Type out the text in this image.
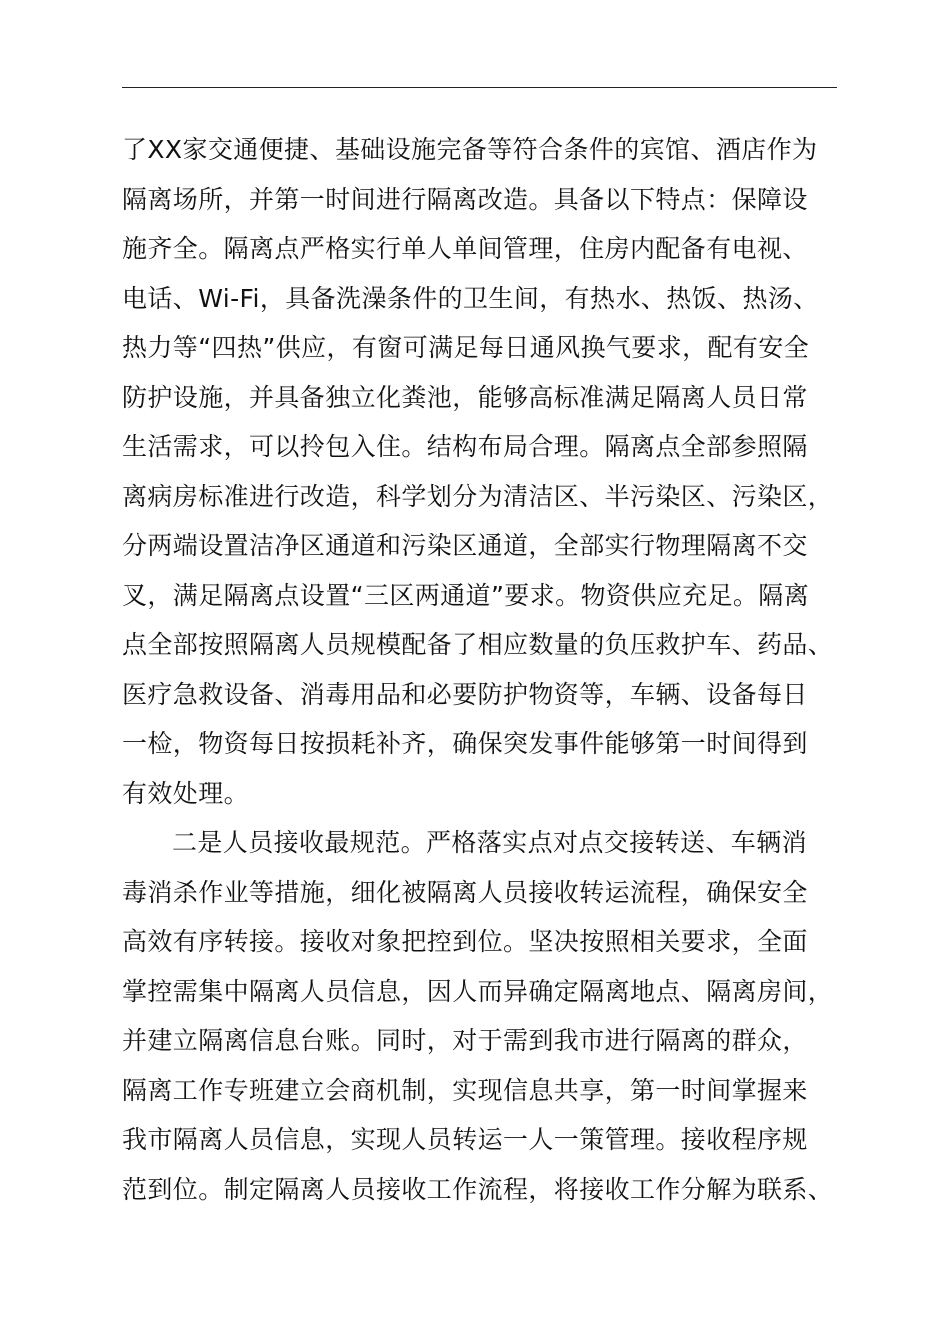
了XX家交通便捷、基础设施完备等符合条件的宾馆、酒店作为
隔离场所，并第一时间进行隔离改造。具备以下特点：保障设
施齐全。隔离点严格实行单人单间管理，住房内配备有电视、
电话、Wi-Fi，具备洗澡条件的卫生间，有热水、热饭、热汤、
热力等“四热”供应，有窗可满足每日通风换气要求，配有安全
防护设施，并具备独立化粪池，能够高标准满足隔离人员日常
生活需求，可以拎包入住。结构布局合理。隔离点全部参照隔
离病房标准进行改造，科学划分为清洁区、半污染区、污染区，
分两端设置洁净区通道和污染区通道，全部实行物理隔离不交
叉，满足隔离点设置“三区两通道”要求。物资供应充足。隔离
点全部按照隔离人员规模配备了相应数量的负压救护车、药品、
医疗急救设备、消毒用品和必要防护物资等，车辆、设备每日
一检，物资每日按损耗补齐，确保突发事件能够第一时间得到
有效处理。
二是人员接收最规范。严格落实点对点交接转送、车辆消
毒消杀作业等措施，细化被隔离人员接收转运流程，确保安全
高效有序转接。接收对象把控到位。坚决按照相关要求，全面
掌控需集中隔离人员信息，因人而异确定隔离地点、隔离房间，
并建立隔离信息台账。同时，对于需到我市进行隔离的群众，
隔离工作专班建立会商机制，实现信息共享，第一时间掌握来
我市隔离人员信息，实现人员转运一人一策管理。接收程序规
范到位。制定隔离人员接收工作流程，将接收工作分解为联系、
